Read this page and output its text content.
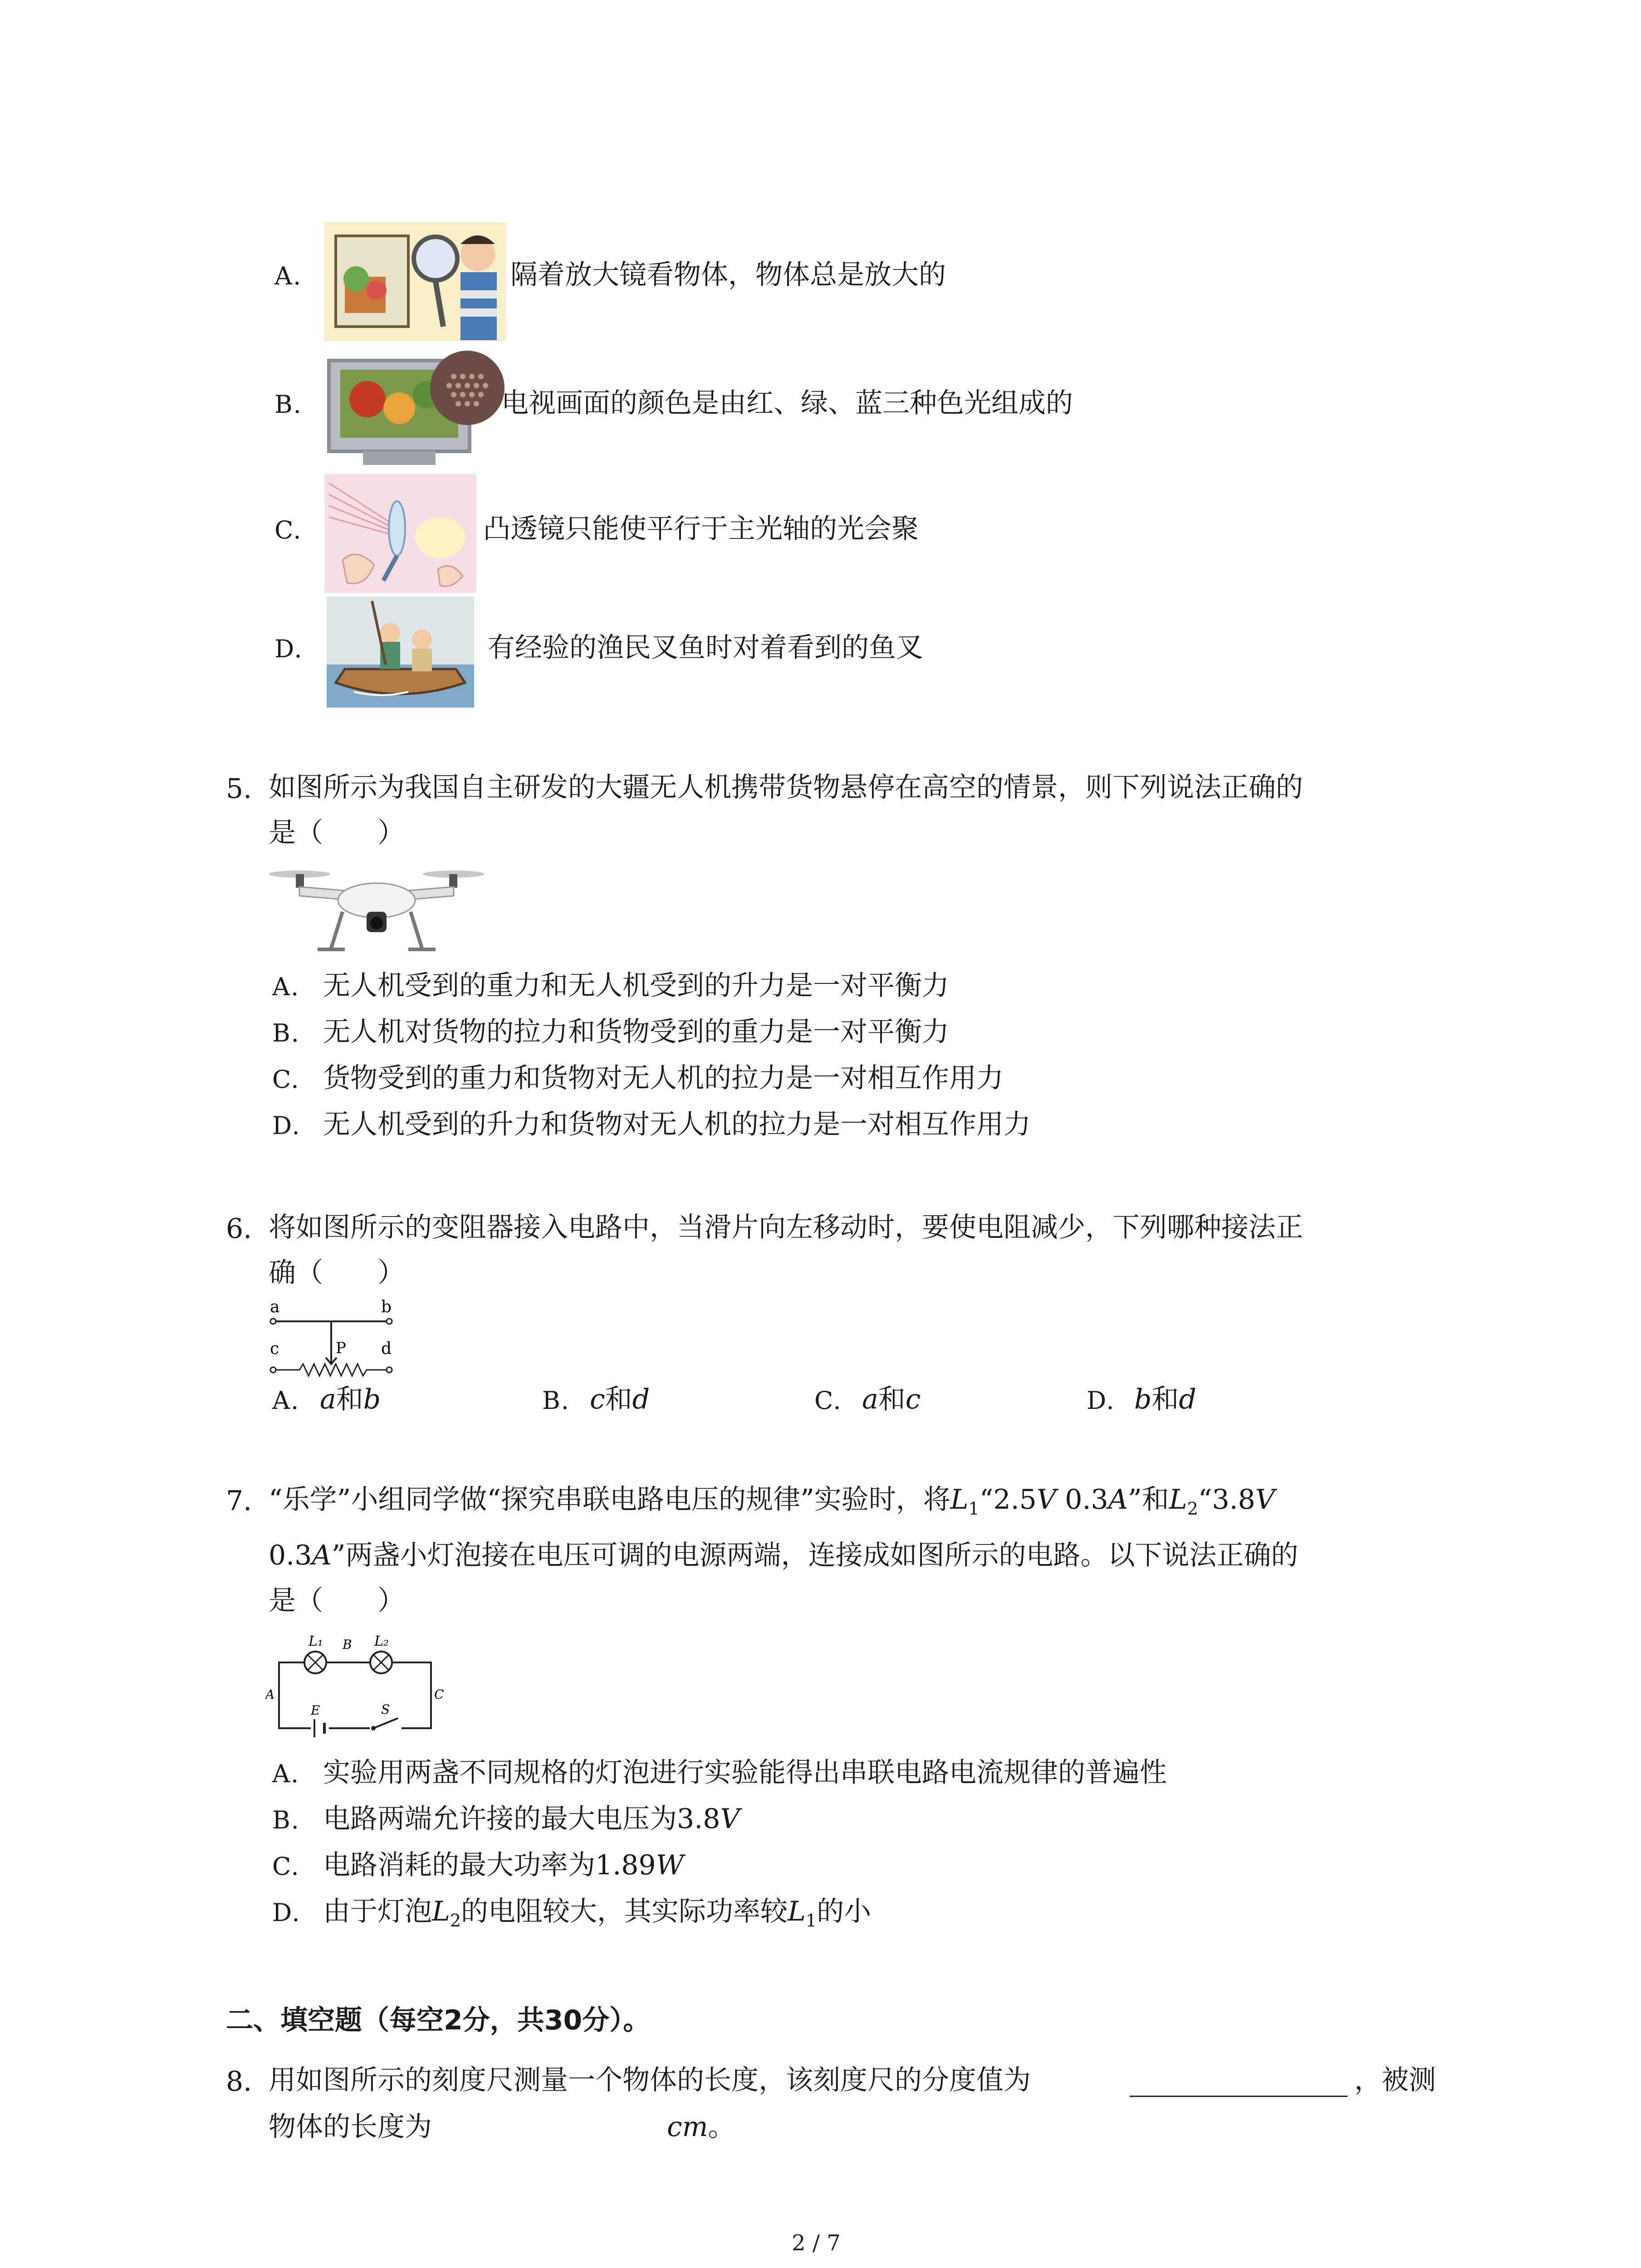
A.	隔着放大镜看物体，物体总是放大的
B.	电视画面的颜色是由红、绿、蓝三种色光组成的
C.	凸透镜只能使平行于主光轴的光会聚
D.	有经验的渔民叉鱼时对着看到的鱼叉
5. 如图所示为我国自主研发的大疆无人机携带货物悬停在高空的情景，则下列说法正确的
是（　　）
A. 无人机受到的重力和无人机受到的升力是一对平衡力
B. 无人机对货物的拉力和货物受到的重力是一对平衡力
C. 货物受到的重力和货物对无人机的拉力是一对相互作用力
D. 无人机受到的升力和货物对无人机的拉力是一对相互作用力
6. 将如图所示的变阻器接入电路中，当滑片向左移动时，要使电阻减少，下列哪种接法正
确（　　）
a	b
c	P d
A. a和b	B. c和d	C. a和c	D. b和d
7. “乐学”小组同学做“探究串联电路电压的规律”实验时，将$L_1“2.5V$ 0.3A”和$L_2“3.8V$
0.3A”两盏小灯泡接在电压可调的电源两端，连接成如图所示的电路。以下说法正确的
是（　　）
L₁	L₂
B
A	C
E	S
A. 实验用两盏不同规格的灯泡进行实验能得出串联电路电流规律的普遍性
B. 电路两端允许接的最大电压为3.8V
C. 电路消耗的最大功率为1.89W
D. 由于灯泡$L_2$的电阻较大，其实际功率较$L_1$的小
二、填空题（每空2分，共30分）。
8. 用如图所示的刻度尺测量一个物体的长度，该刻度尺的分度值为	，被测
物体的长度为	cm。
2 / 7
